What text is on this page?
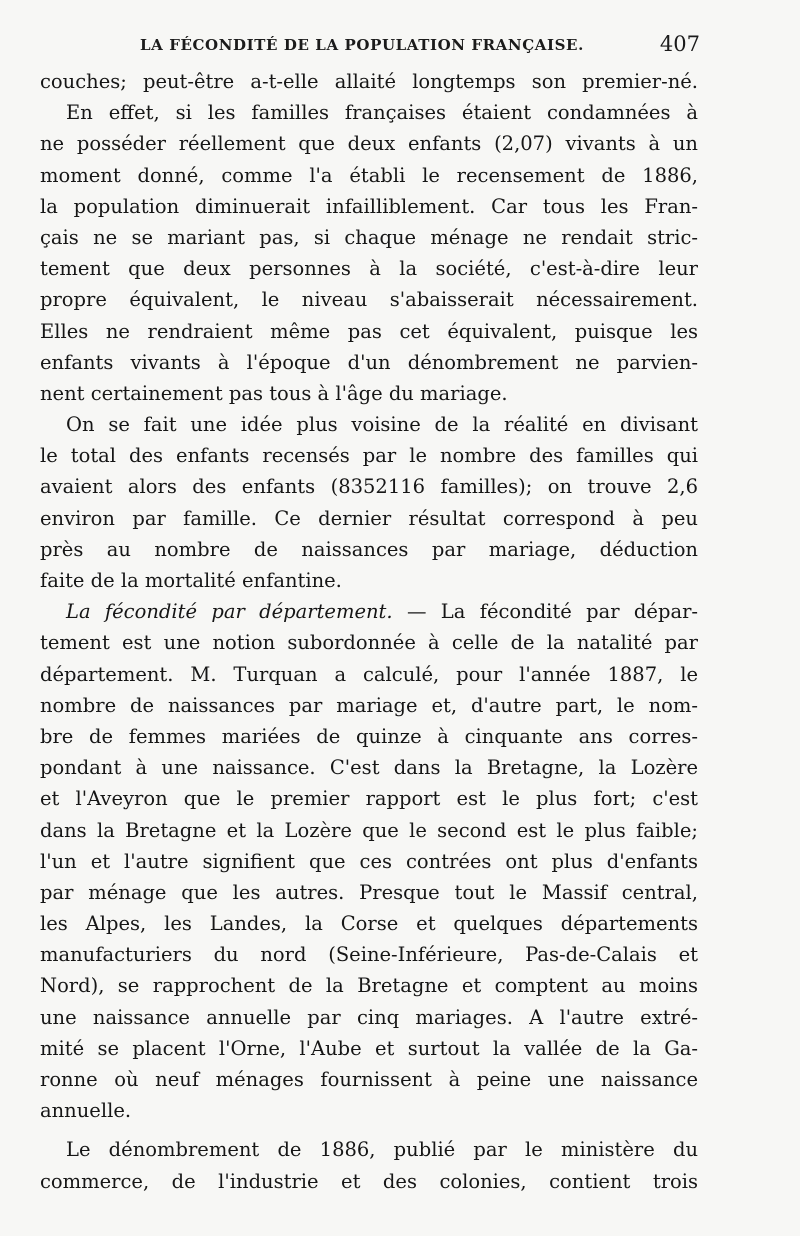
LA FÉCONDITÉ DE LA POPULATION FRANÇAISE.	407
couches; peut-être a-t-elle allaité longtemps son premier-né.
En effet, si les familles françaises étaient condamnées à
ne posséder réellement que deux enfants (2,07) vivants à un
moment donné, comme l'a établi le recensement de 1886,
la population diminuerait infailliblement. Car tous les Fran-
çais ne se mariant pas, si chaque ménage ne rendait stric-
tement que deux personnes à la société, c'est-à-dire leur
propre équivalent, le niveau s'abaisserait nécessairement.
Elles ne rendraient même pas cet équivalent, puisque les
enfants vivants à l'époque d'un dénombrement ne parvien-
nent certainement pas tous à l'âge du mariage.
On se fait une idée plus voisine de la réalité en divisant
le total des enfants recensés par le nombre des familles qui
avaient alors des enfants (8352116 familles); on trouve 2,6
environ par famille. Ce dernier résultat correspond à peu
près au nombre de naissances par mariage, déduction
faite de la mortalité enfantine.
La fécondité par département. — La fécondité par dépar-
tement est une notion subordonnée à celle de la natalité par
département. M. Turquan a calculé, pour l'année 1887, le
nombre de naissances par mariage et, d'autre part, le nom-
bre de femmes mariées de quinze à cinquante ans corres-
pondant à une naissance. C'est dans la Bretagne, la Lozère
et l'Aveyron que le premier rapport est le plus fort; c'est
dans la Bretagne et la Lozère que le second est le plus faible;
l'un et l'autre signifient que ces contrées ont plus d'enfants
par ménage que les autres. Presque tout le Massif central,
les Alpes, les Landes, la Corse et quelques départements
manufacturiers du nord (Seine-Inférieure, Pas-de-Calais et
Nord), se rapprochent de la Bretagne et comptent au moins
une naissance annuelle par cinq mariages. A l'autre extré-
mité se placent l'Orne, l'Aube et surtout la vallée de la Ga-
ronne où neuf ménages fournissent à peine une naissance
annuelle.
Le dénombrement de 1886, publié par le ministère du
commerce, de l'industrie et des colonies, contient trois
